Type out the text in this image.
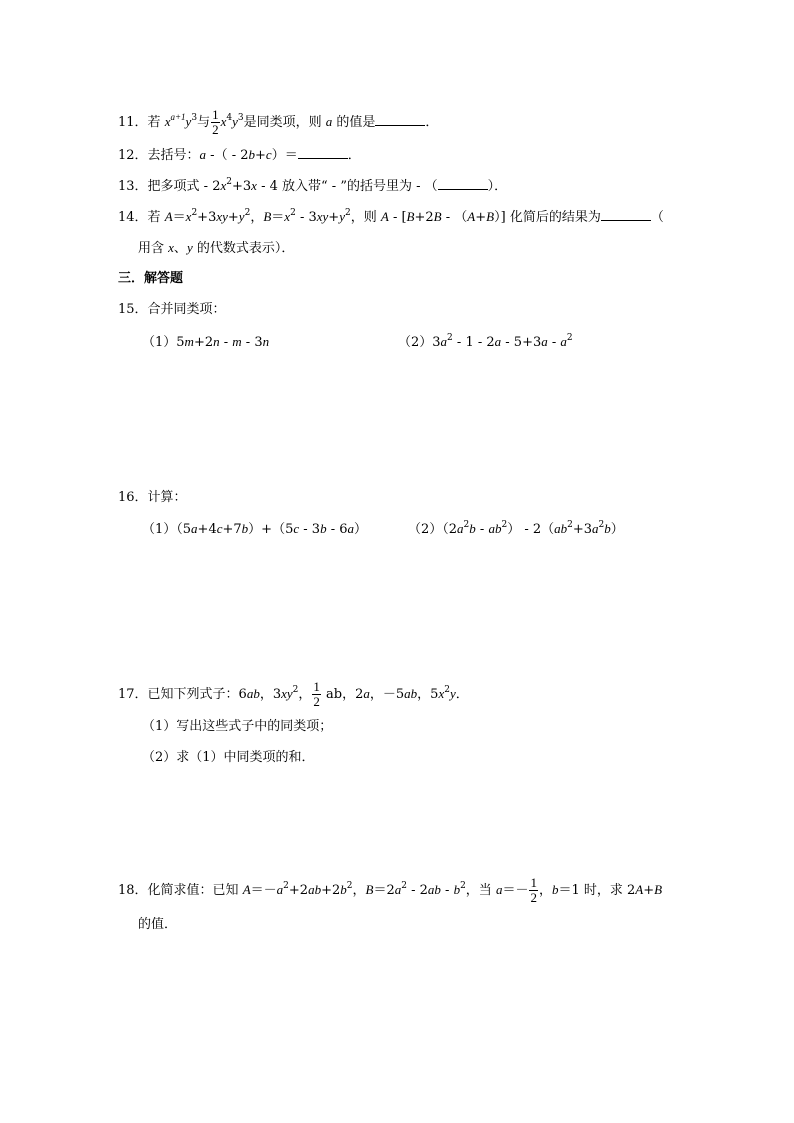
11．若 $x^{a+1}y^3$与 $\frac{1}{2} x^4y^3$是同类项，则 a 的值是	．
12．去括号：a -（ - 2b+c）＝	．
13．把多项式 - $2x^2+3x - 4$ 放入带“ - ”的括号里为 - （	）．
14．若 $A=x^2+3xy+y^2$，$B=x^2 - 3xy+y^2$，则 A - [B+2B - （A+B）] 化简后的结果为	（
用含 x、y 的代数式表示）．
三．解答题
15．合并同类项：
（1）5m+2n - m - 3n	$(2)3a^2 - 1 - 2a - 5+3a - a^2$
16．计算：
（1）（5a+4c+7b）+（5c - 3b - 6a）	$(2)(2a^2b - ab^2) - 2(ab^2+3a^2b)$
17．已知下列式子：6ab，$3xy^2$， $\frac{1}{2}$ ab，2a，－5ab，$5x^2y$．
（1）写出这些式子中的同类项；
（2）求（1）中同类项的和．
18．化简求值：已知 $A=-a^2+2ab+2b^2$，$B=2a^2 - 2ab - b^2$，当 $a=- \frac{1}{2}$ ，b＝1 时，求 2A+B
的值．
